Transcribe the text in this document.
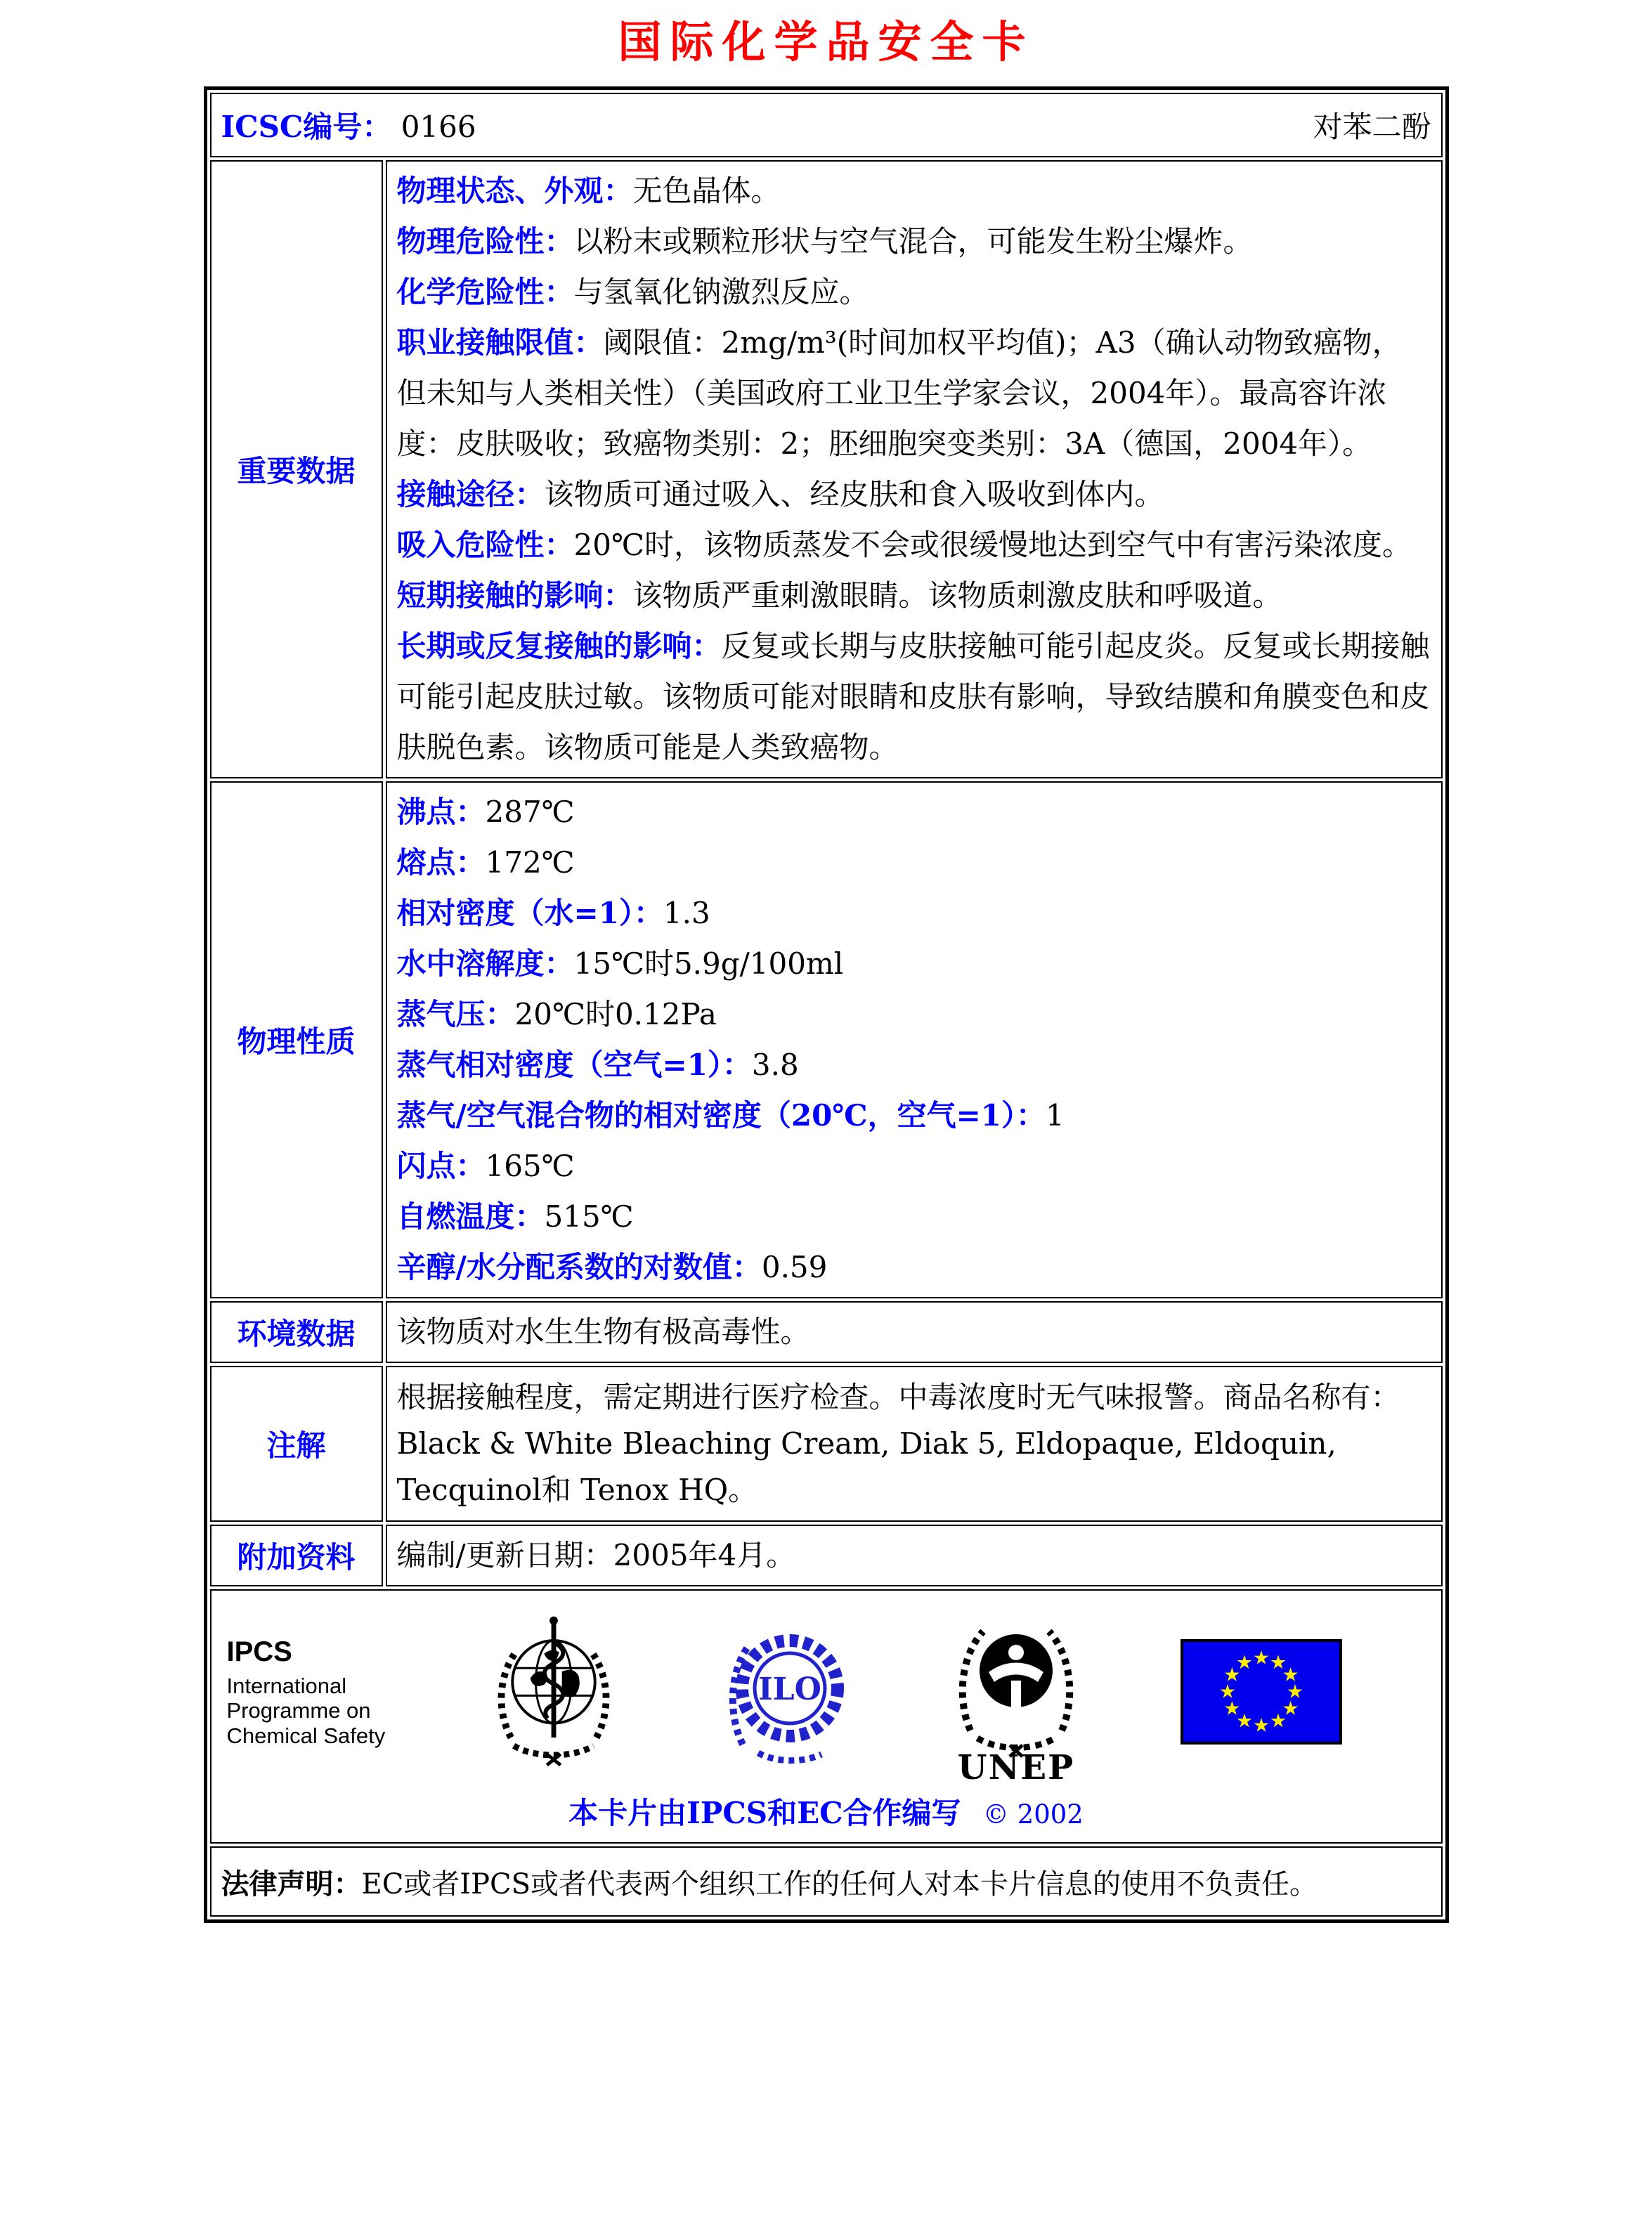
国际化学品安全卡
ICSC编号： 0166 对苯二酚	

重要数据	
物理状态、外观：无色晶体。
物理危险性：以粉末或颗粒形状与空气混合，可能发生粉尘爆炸。
化学危险性：与氢氧化钠激烈反应。
职业接触限值：阈限值：2mg/m³(时间加权平均值)；A3（确认动物致癌物，但未知与人类相关性）（美国政府工业卫生学家会议，2004年）。最高容许浓度：皮肤吸收；致癌物类别：2；胚细胞突变类别：3A（德国，2004年）。
接触途径：该物质可通过吸入、经皮肤和食入吸收到体内。
吸入危险性：20℃时，该物质蒸发不会或很缓慢地达到空气中有害污染浓度。
短期接触的影响：该物质严重刺激眼睛。该物质刺激皮肤和呼吸道。
长期或反复接触的影响：反复或长期与皮肤接触可能引起皮炎。反复或长期接触可能引起皮肤过敏。该物质可能对眼睛和皮肤有影响，导致结膜和角膜变色和皮肤脱色素。该物质可能是人类致癌物。

物理性质	
沸点：287℃
熔点：172℃
相对密度（水=1）：1.3
水中溶解度：15℃时5.9g/100ml
蒸气压：20℃时0.12Pa
蒸气相对密度（空气=1）：3.8
蒸气/空气混合物的相对密度（20℃，空气=1）：1
闪点：165℃
自燃温度：515℃
辛醇/水分配系数的对数值：0.59

环境数据	该物质对水生生物有极高毒性。
注解	根据接触程度，需定期进行医疗检查。中毒浓度时无气味报警。商品名称有：Black & White Bleaching Cream, Diak 5, Eldopaque, Eldoquin, Tecquinol和 Tenox HQ。
附加资料	编制/更新日期：2005年4月。

IPCS
International
Programme on
Chemical Safety
ILO
UNEP
本卡片由IPCS和EC合作编写 © 2002

法律声明：EC或者IPCS或者代表两个组织工作的任何人对本卡片信息的使用不负责任。	
